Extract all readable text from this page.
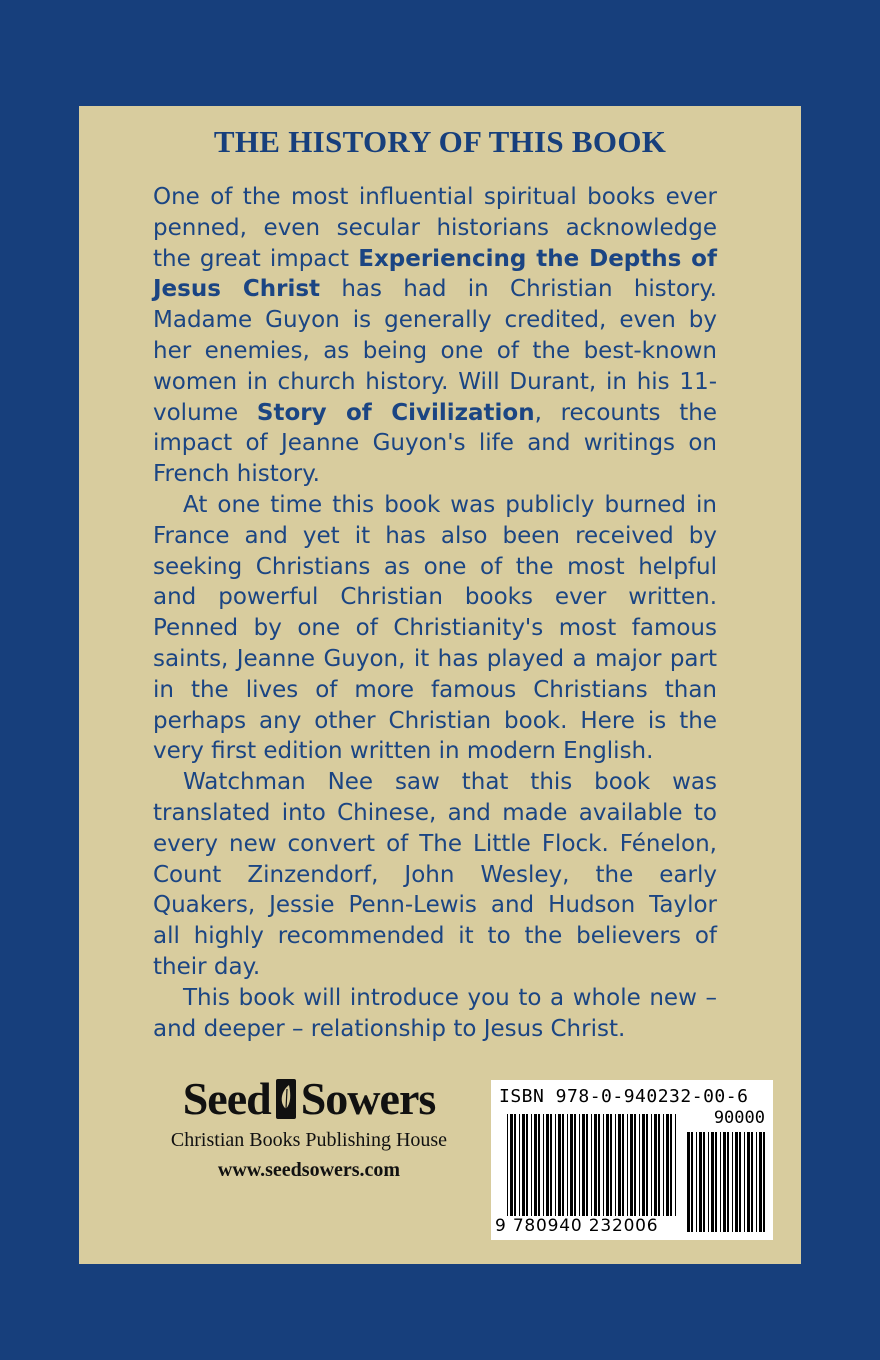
THE HISTORY OF THIS BOOK

One of the most influential spiritual books ever penned, even secular historians acknowledge the great impact Experiencing the Depths of Jesus Christ has had in Christian history. Madame Guyon is generally credited, even by her enemies, as being one of the best-known women in church history. Will Durant, in his 11-volume Story of Civilization, recounts the impact of Jeanne Guyon's life and writings on French history.

At one time this book was publicly burned in France and yet it has also been received by seeking Christians as one of the most helpful and powerful Christian books ever written. Penned by one of Christianity's most famous saints, Jeanne Guyon, it has played a major part in the lives of more famous Christians than perhaps any other Christian book. Here is the very first edition written in modern English.

Watchman Nee saw that this book was translated into Chinese, and made available to every new convert of The Little Flock. Fénelon, Count Zinzendorf, John Wesley, the early Quakers, Jessie Penn-Lewis and Hudson Taylor all highly recommended it to the believers of their day.

This book will introduce you to a whole new – and deeper – relationship to Jesus Christ.

Seed Sowers
Christian Books Publishing House
www.seedsowers.com
ISBN 978-0-940232-00-6
90000
9 780940 232006
